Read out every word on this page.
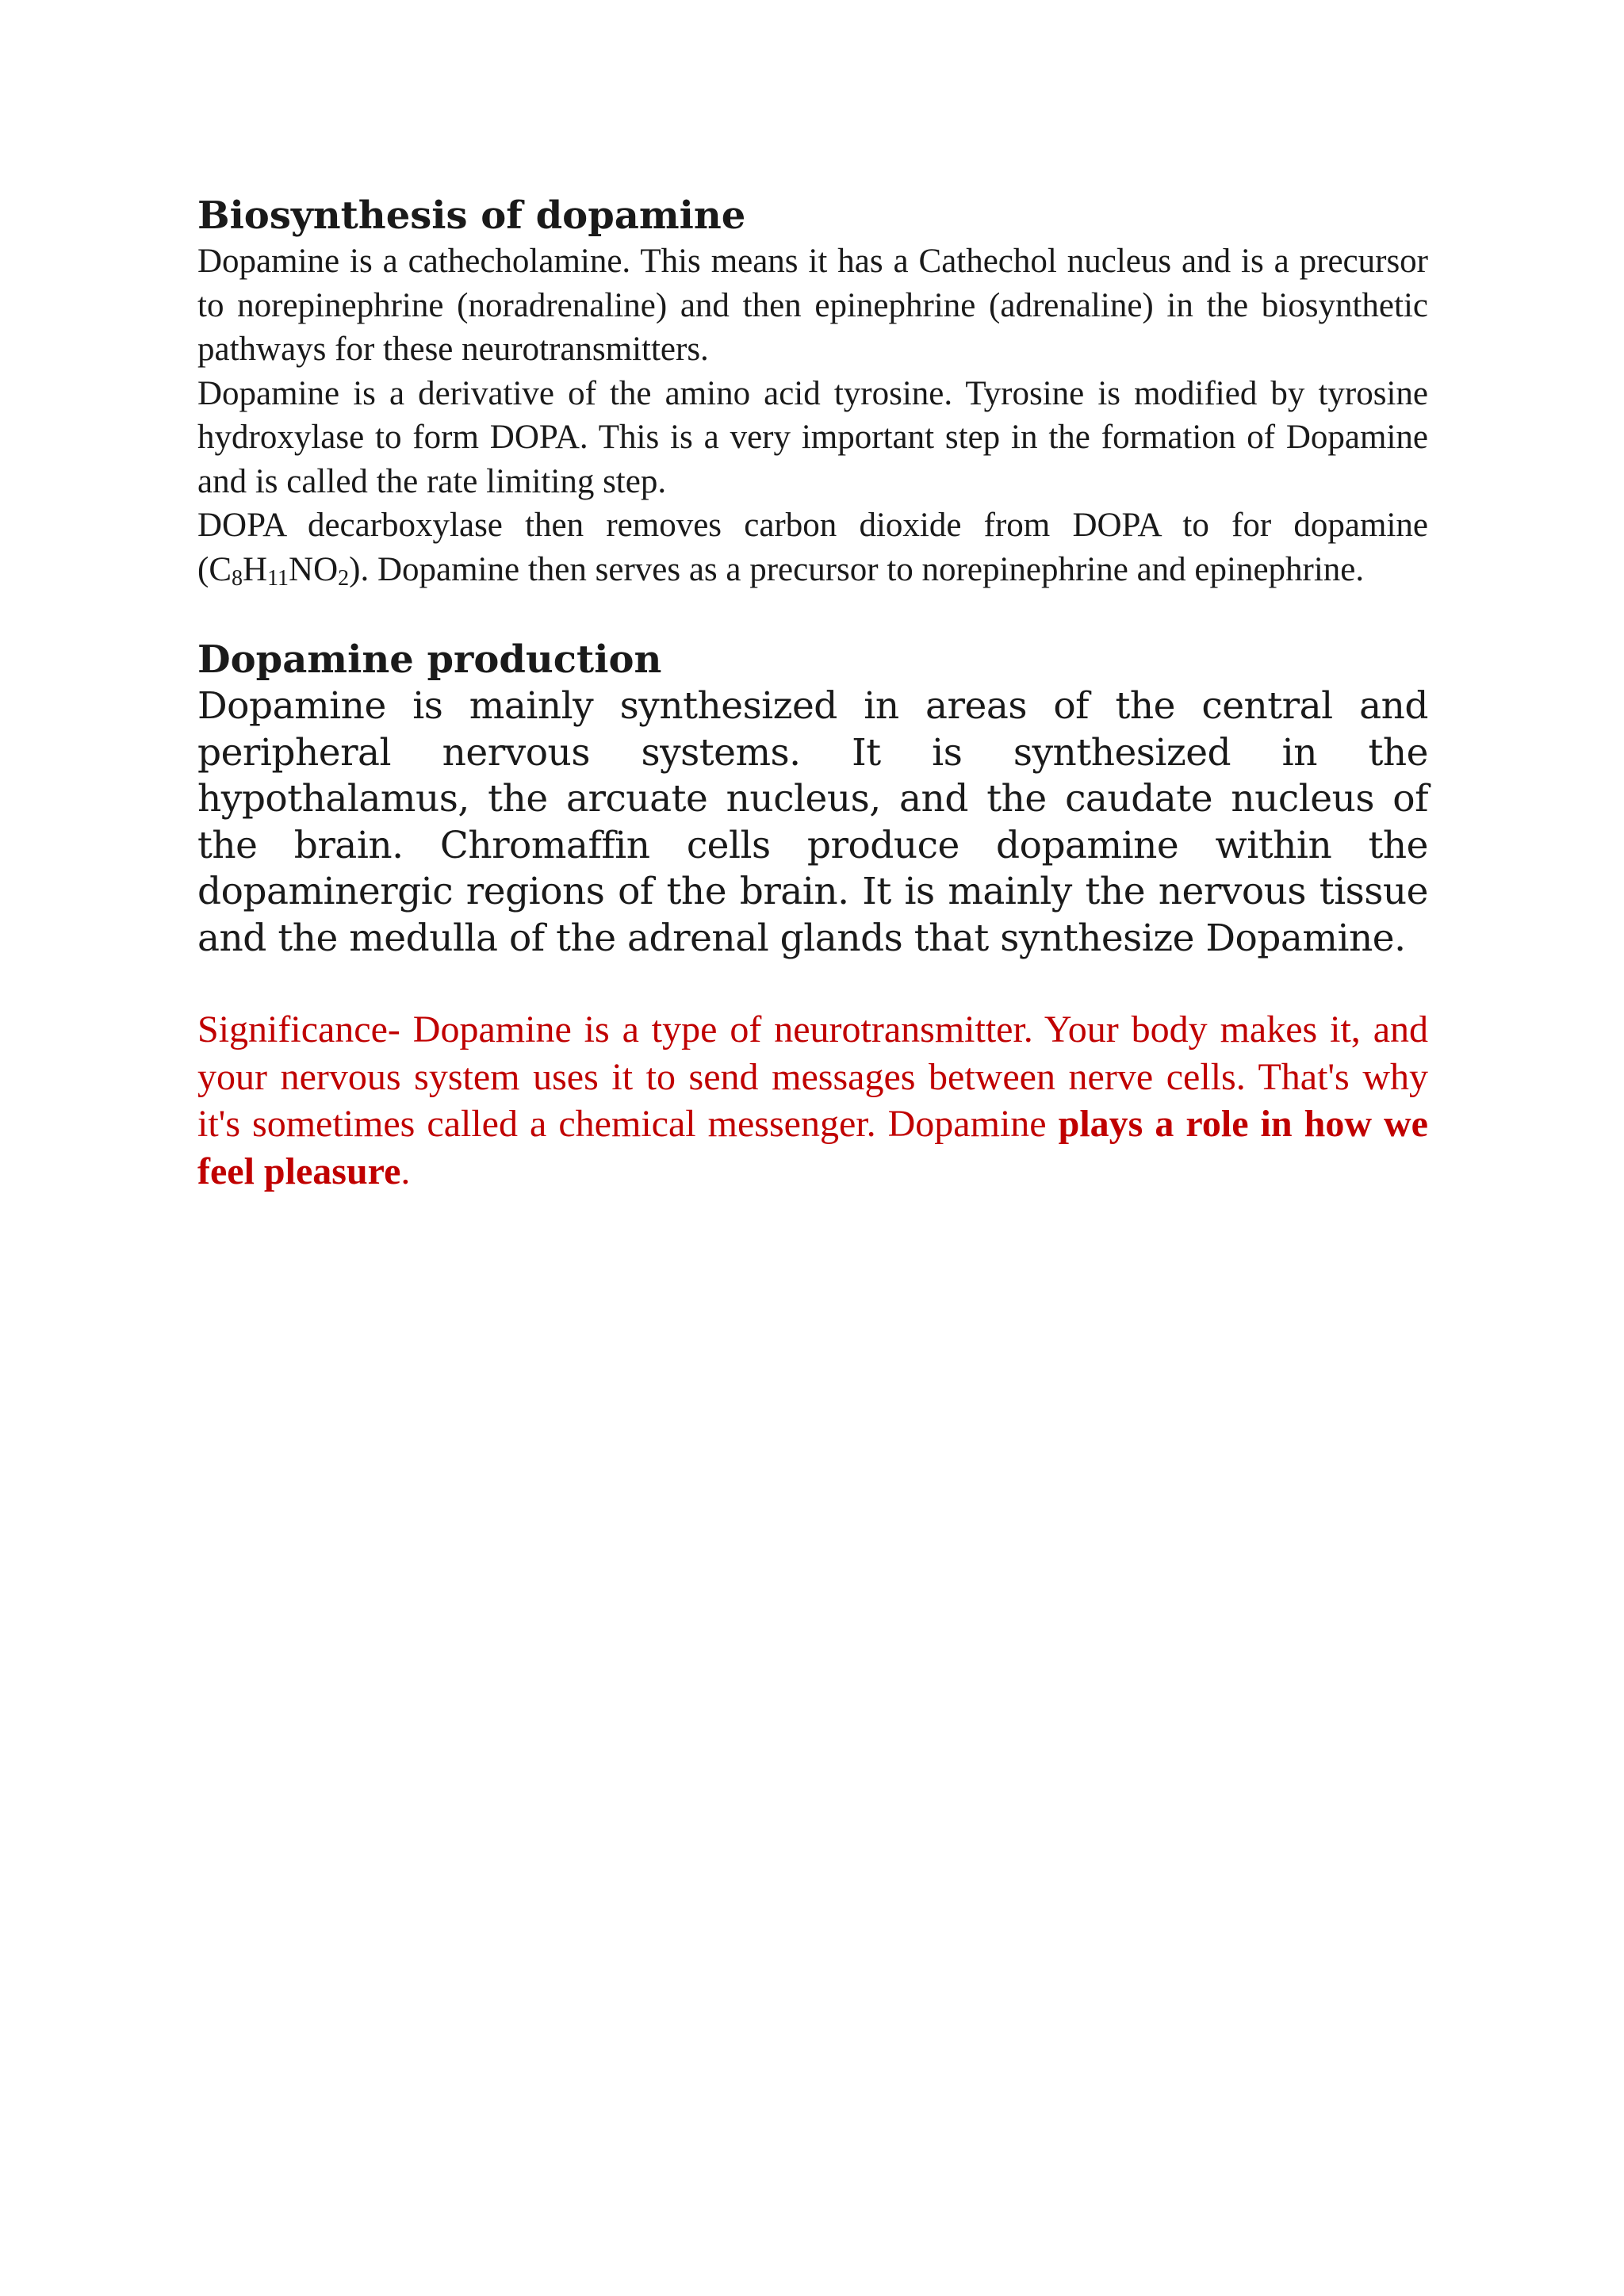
Biosynthesis of dopamine

Dopamine is a cathecholamine. This means it has a Cathechol nucleus and is a precursor to norepinephrine (noradrenaline) and then epinephrine (adrenaline) in the biosynthetic pathways for these neurotransmitters.

Dopamine is a derivative of the amino acid tyrosine. Tyrosine is modified by tyrosine hydroxylase to form DOPA. This is a very important step in the formation of Dopamine and is called the rate limiting step.

DOPA decarboxylase then removes carbon dioxide from DOPA to for dopamine $(C_8H_{11}NO_2)$. Dopamine then serves as a precursor to norepinephrine and epinephrine.

Dopamine production

Dopamine is mainly synthesized in areas of the central and peripheral nervous systems. It is synthesized in the hypothalamus, the arcuate nucleus, and the caudate nucleus of the brain. Chromaffin cells produce dopamine within the dopaminergic regions of the brain. It is mainly the nervous tissue and the medulla of the adrenal glands that synthesize Dopamine.

Significance- Dopamine is a type of neurotransmitter. Your body makes it, and your nervous system uses it to send messages between nerve cells. That's why it's sometimes called a chemical messenger. Dopamine plays a role in how we feel pleasure.
